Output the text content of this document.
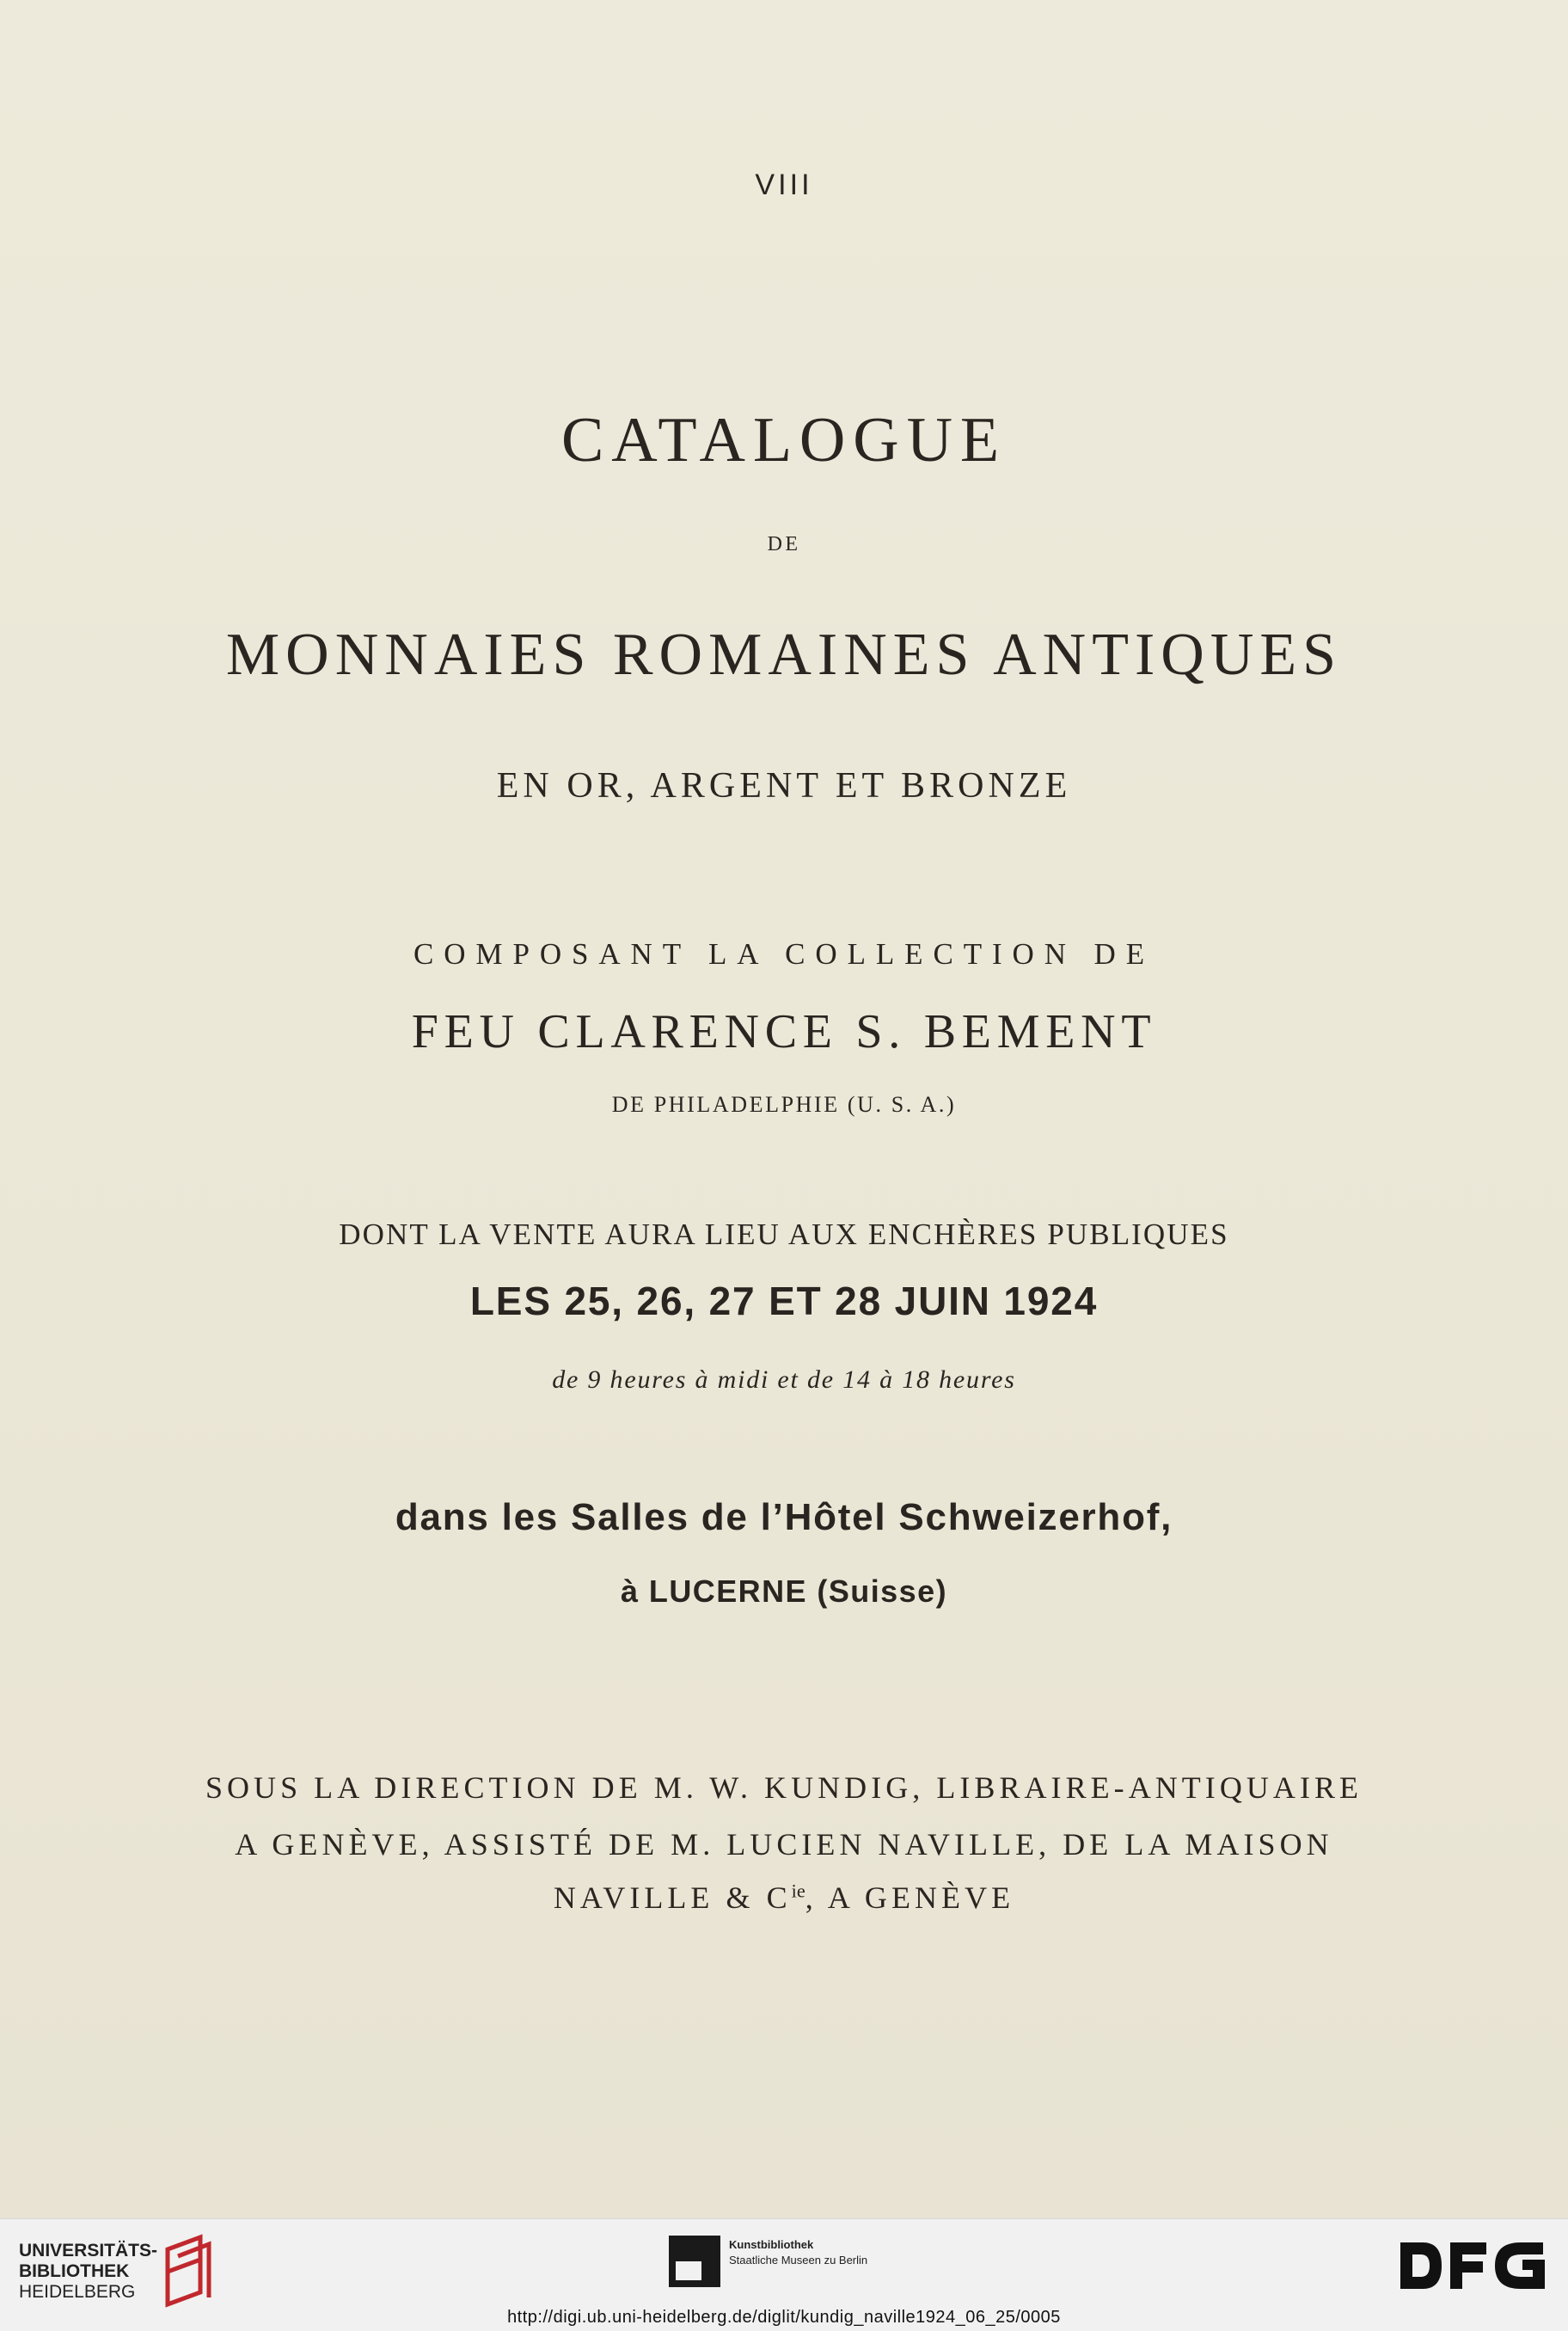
VIII
CATALOGUE
DE
MONNAIES ROMAINES ANTIQUES
EN OR, ARGENT ET BRONZE
COMPOSANT LA COLLECTION DE
FEU CLARENCE S. BEMENT
DE PHILADELPHIE (U. S. A.)
DONT LA VENTE AURA LIEU AUX ENCHÈRES PUBLIQUES
LES 25, 26, 27 ET 28 JUIN 1924
de 9 heures à midi et de 14 à 18 heures
dans les Salles de l’Hôtel Schweizerhof,
à LUCERNE (Suisse)
SOUS LA DIRECTION DE M. W. KUNDIG, LIBRAIRE-ANTIQUAIRE
A GENÈVE, ASSISTÉ DE M. LUCIEN NAVILLE, DE LA MAISON
NAVILLE & $C^{ie}$, A GENÈVE
UNIVERSITÄTS-
BIBLIOTHEK
HEIDELBERG
Kunstbibliothek
Staatliche Museen zu Berlin
http://digi.ub.uni-heidelberg.de/diglit/kundig_naville1924_06_25/0005
